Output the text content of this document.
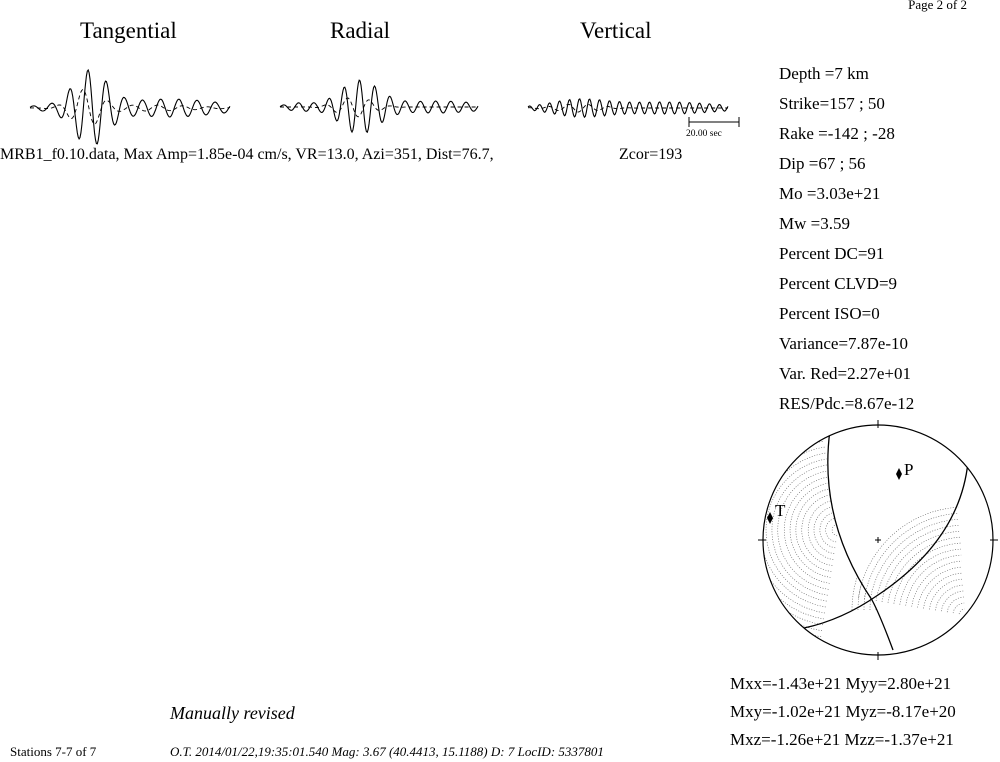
Page 2 of 2
Tangential	Radial	Vertical
P
T
20.00 sec
MRB1_f0.10.data, Max Amp=1.85e-04 cm/s, VR=13.0, Azi=351, Dist=76.7,	Zcor=193
Depth =7 km
Strike=157 ; 50
Rake =-142 ; -28
Dip =67 ; 56
Mo =3.03e+21
Mw =3.59
Percent DC=91
Percent CLVD=9
Percent ISO=0
Variance=7.87e-10
Var. Red=2.27e+01
RES/Pdc.=8.67e-12
Mxx=-1.43e+21 Myy=2.80e+21
Mxy=-1.02e+21 Myz=-8.17e+20
Mxz=-1.26e+21 Mzz=-1.37e+21
Manually revised
Stations 7-7 of 7	O.T. 2014/01/22,19:35:01.540 Mag: 3.67 (40.4413, 15.1188) D: 7 LocID: 5337801
